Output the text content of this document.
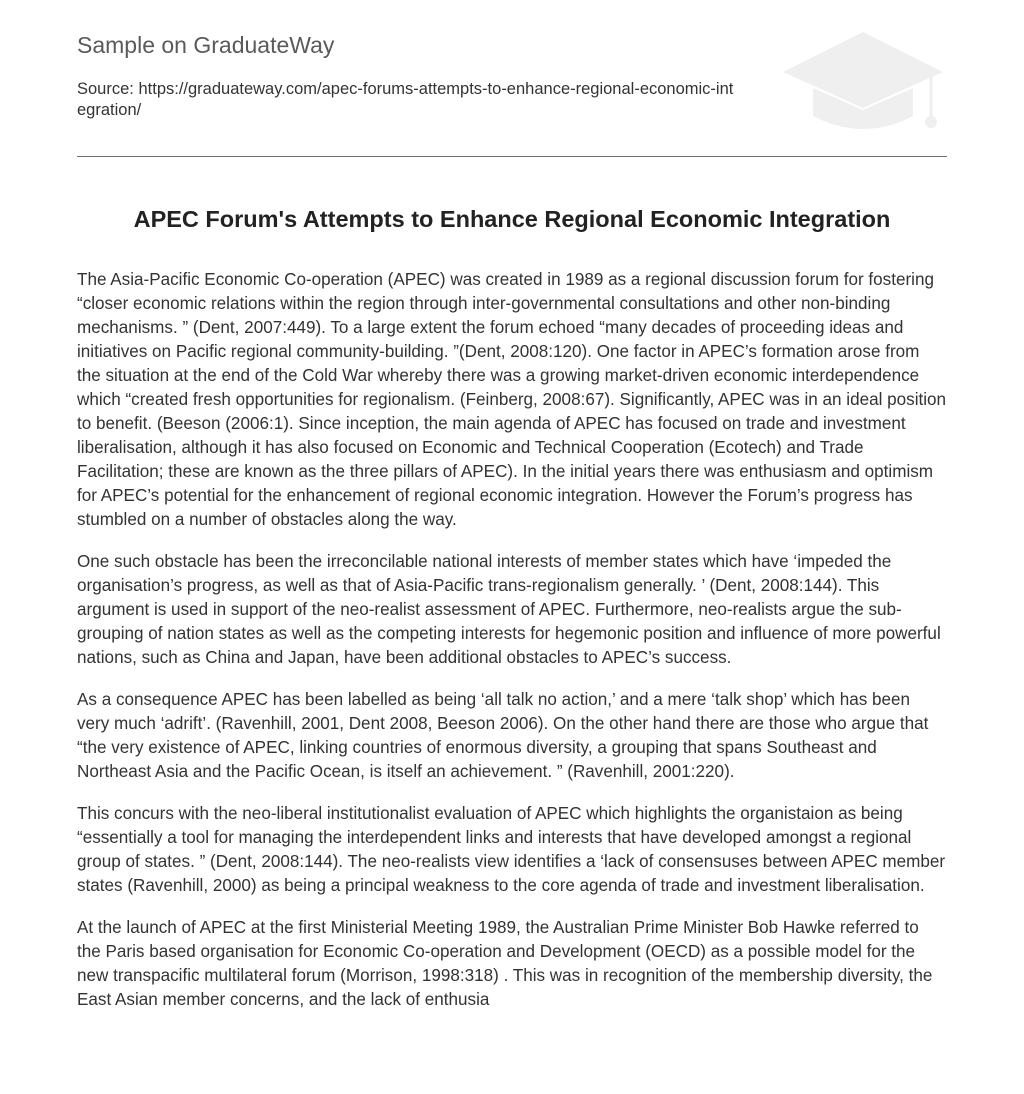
Sample on GraduateWay
Source: https://graduateway.com/apec-forums-attempts-to-enhance-regional-economic-integration/
APEC Forum's Attempts to Enhance Regional Economic Integration

The Asia-Pacific Economic Co-operation (APEC) was created in 1989 as a regional discussion forum for fostering “closer economic relations within the region through inter-governmental consultations and other non-binding mechanisms. ” (Dent, 2007:449). To a large extent the forum echoed “many decades of proceeding ideas and initiatives on Pacific regional community-building. ”(Dent, 2008:120). One factor in APEC’s formation arose from the situation at the end of the Cold War whereby there was a growing market-driven economic interdependence which “created fresh opportunities for regionalism. (Feinberg, 2008:67). Significantly, APEC was in an ideal position to benefit. (Beeson (2006:1). Since inception, the main agenda of APEC has focused on trade and investment liberalisation, although it has also focused on Economic and Technical Cooperation (Ecotech) and Trade Facilitation; these are known as the three pillars of APEC). In the initial years there was enthusiasm and optimism for APEC’s potential for the enhancement of regional economic integration. However the Forum’s progress has stumbled on a number of obstacles along the way.

One such obstacle has been the irreconcilable national interests of member states which have ‘impeded the organisation’s progress, as well as that of Asia-Pacific trans-regionalism generally. ’ (Dent, 2008:144). This argument is used in support of the neo-realist assessment of APEC. Furthermore, neo-realists argue the sub-grouping of nation states as well as the competing interests for hegemonic position and influence of more powerful nations, such as China and Japan, have been additional obstacles to APEC’s success.

As a consequence APEC has been labelled as being ‘all talk no action,’ and a mere ‘talk shop’ which has been very much ‘adrift’. (Ravenhill, 2001, Dent 2008, Beeson 2006). On the other hand there are those who argue that “the very existence of APEC, linking countries of enormous diversity, a grouping that spans Southeast and Northeast Asia and the Pacific Ocean, is itself an achievement. ” (Ravenhill, 2001:220).

This concurs with the neo-liberal institutionalist evaluation of APEC which highlights the organistaion as being “essentially a tool for managing the interdependent links and interests that have developed amongst a regional group of states. ” (Dent, 2008:144). The neo-realists view identifies a ‘lack of consensuses between APEC member states (Ravenhill, 2000) as being a principal weakness to the core agenda of trade and investment liberalisation.

At the launch of APEC at the first Ministerial Meeting 1989, the Australian Prime Minister Bob Hawke referred to the Paris based organisation for Economic Co-operation and Development (OECD) as a possible model for the new transpacific multilateral forum (Morrison, 1998:318) . This was in recognition of the membership diversity, the East Asian member concerns, and the lack of enthusia
